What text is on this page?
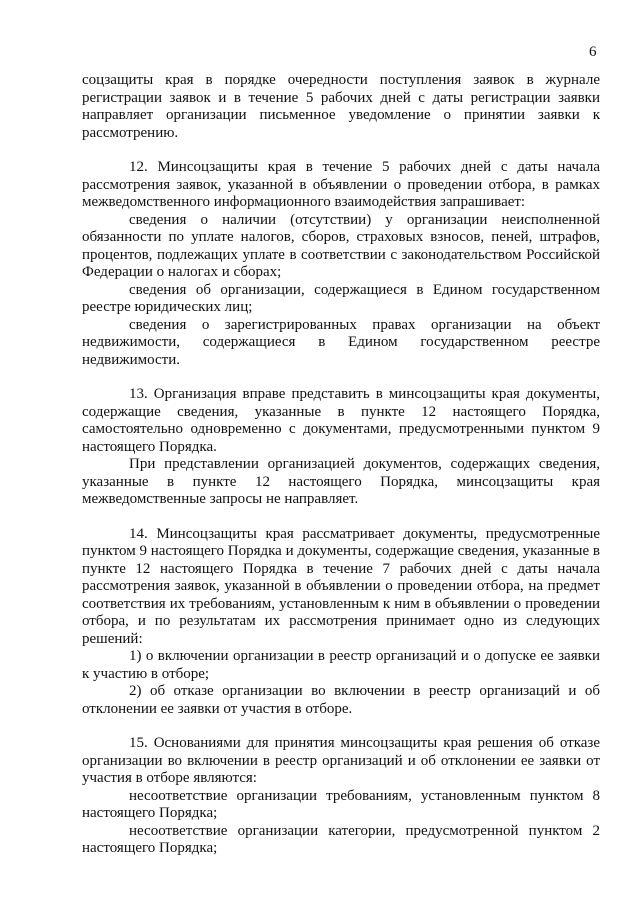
6

соцзащиты края в порядке очередности поступления заявок в журнале регистрации заявок и в течение 5 рабочих дней с даты регистрации заявки направляет организации письменное уведомление о принятии заявки к рассмотрению.

12. Минсоцзащиты края в течение 5 рабочих дней с даты начала рассмотрения заявок, указанной в объявлении о проведении отбора, в рамках межведомственного информационного взаимодействия запрашивает:

сведения о наличии (отсутствии) у организации неисполненной обязанности по уплате налогов, сборов, страховых взносов, пеней, штрафов, процентов, подлежащих уплате в соответствии с законодательством Российской Федерации о налогах и сборах;

сведения об организации, содержащиеся в Едином государственном реестре юридических лиц;

сведения о зарегистрированных правах организации на объект недвижимости, содержащиеся в Едином государственном реестре недвижимости.

13. Организация вправе представить в минсоцзащиты края документы, содержащие сведения, указанные в пункте 12 настоящего Порядка, самостоятельно одновременно с документами, предусмотренными пунктом 9 настоящего Порядка.

При представлении организацией документов, содержащих сведения, указанные в пункте 12 настоящего Порядка, минсоцзащиты края межведомственные запросы не направляет.

14. Минсоцзащиты края рассматривает документы, предусмотренные пунктом 9 настоящего Порядка и документы, содержащие сведения, указанные в пункте 12 настоящего Порядка в течение 7 рабочих дней с даты начала рассмотрения заявок, указанной в объявлении о проведении отбора, на предмет соответствия их требованиям, установленным к ним в объявлении о проведении отбора, и по результатам их рассмотрения принимает одно из следующих решений:

1) о включении организации в реестр организаций и о допуске ее заявки к участию в отборе;

2) об отказе организации во включении в реестр организаций и об отклонении ее заявки от участия в отборе.

15. Основаниями для принятия минсоцзащиты края решения об отказе организации во включении в реестр организаций и об отклонении ее заявки от участия в отборе являются:

несоответствие организации требованиям, установленным пунктом 8 настоящего Порядка;

несоответствие организации категории, предусмотренной пунктом 2 настоящего Порядка;
